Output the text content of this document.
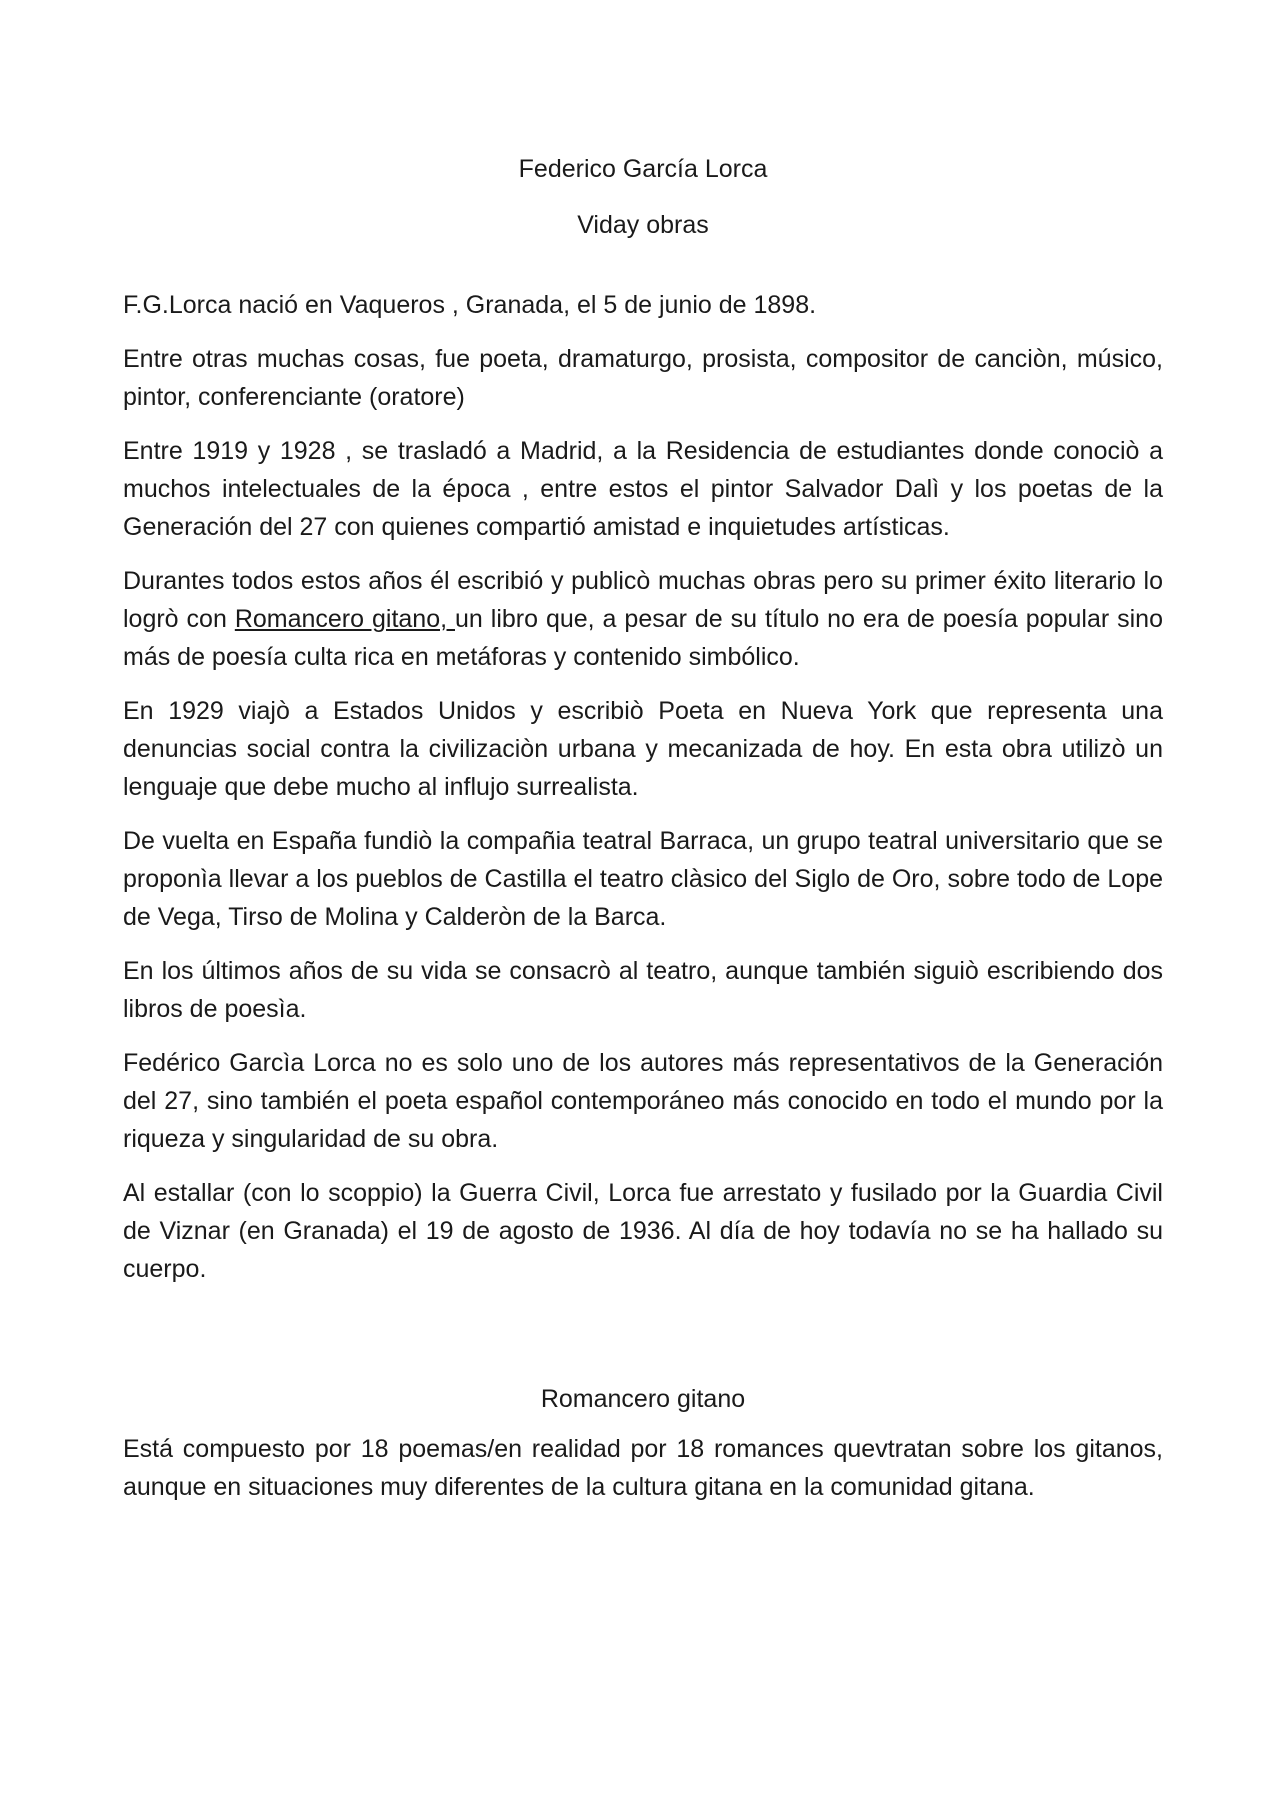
Federico García Lorca

Viday obras

F.G.Lorca nació en Vaqueros , Granada, el 5 de junio de 1898.

Entre otras muchas cosas, fue poeta, dramaturgo, prosista, compositor de canciòn, músico, pintor, conferenciante (oratore)

Entre 1919 y 1928 , se trasladó a Madrid, a la Residencia de estudiantes donde conociò a muchos intelectuales de la época , entre estos el pintor Salvador Dalì y los poetas de la Generación del 27 con quienes compartió amistad e inquietudes artísticas.

Durantes todos estos años él escribió y publicò muchas obras pero su primer éxito literario lo logrò con Romancero gitano, un libro que, a pesar de su título no era de poesía popular sino más de poesía culta rica en metáforas y contenido simbólico.

En 1929 viajò a Estados Unidos y escribiò Poeta en Nueva York que representa una denuncias social contra la civilizaciòn urbana y mecanizada de hoy. En esta obra utilizò un lenguaje que debe mucho al influjo surrealista.

De vuelta en España fundiò la compañia teatral Barraca, un grupo teatral universitario que se proponìa llevar a los pueblos de Castilla el teatro clàsico del Siglo de Oro, sobre todo de Lope de Vega, Tirso de Molina y Calderòn de la Barca.

En los últimos años de su vida se consacrò al teatro, aunque también siguiò escribiendo dos libros de poesìa.

Fedérico Garcìa Lorca no es solo uno de los autores más representativos de la Generación del 27, sino también el poeta español contemporáneo más conocido en todo el mundo por la riqueza y singularidad de su obra.

Al estallar (con lo scoppio) la Guerra Civil, Lorca fue arrestato y fusilado por la Guardia Civil de Viznar (en Granada) el 19 de agosto de 1936. Al día de hoy todavía no se ha hallado su cuerpo.

Romancero gitano

Está compuesto por 18 poemas/en realidad por 18 romances quevtratan sobre los gitanos, aunque en situaciones muy diferentes de la cultura gitana en la comunidad gitana.
